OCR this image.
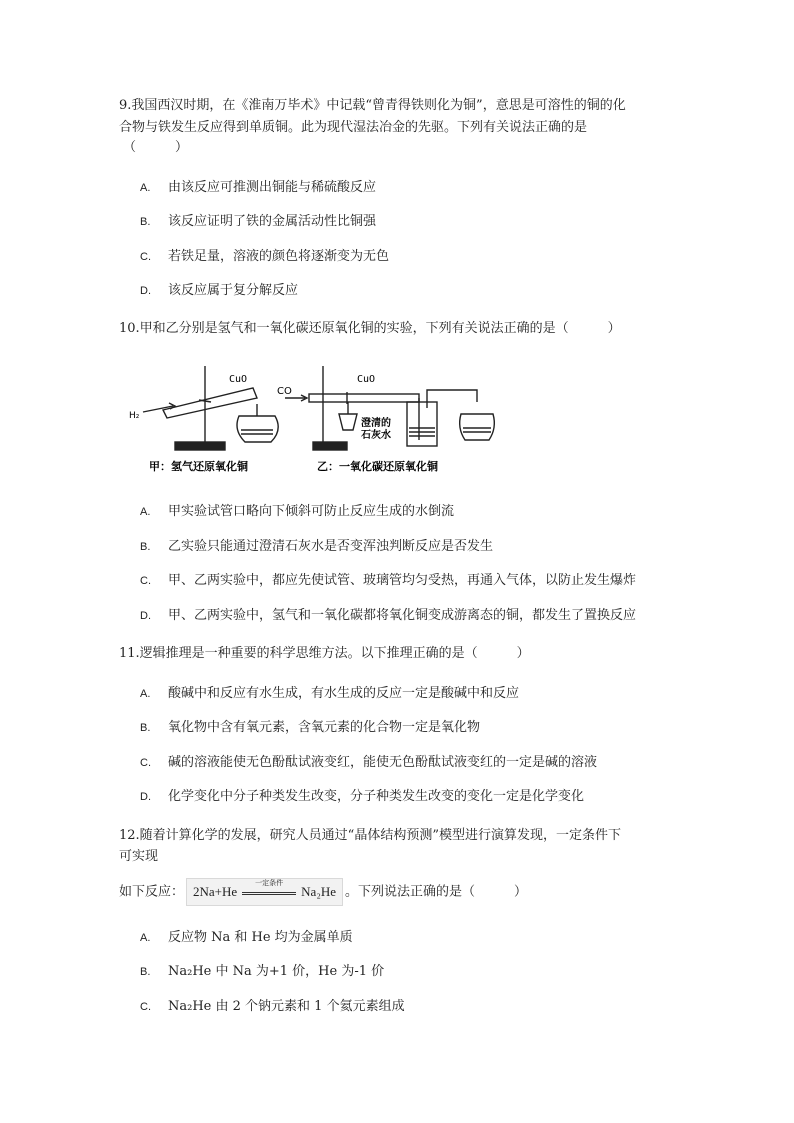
9.我国西汉时期，在《淮南万毕术》中记载“曾青得铁则化为铜”，意思是可溶性的铜的化
合物与铁发生反应得到单质铜。此为现代湿法冶金的先驱。下列有关说法正确的是
（　　　）
A. 由该反应可推测出铜能与稀硫酸反应
B. 该反应证明了铁的金属活动性比铜强
C. 若铁足量，溶液的颜色将逐渐变为无色
D. 该反应属于复分解反应
10.甲和乙分别是氢气和一氧化碳还原氧化铜的实验，下列有关说法正确的是（　　　）
CuO	CuO
H₂
CO
澄清的
石灰水
甲：氢气还原氧化铜	乙：一氧化碳还原氧化铜
A. 甲实验试管口略向下倾斜可防止反应生成的水倒流
B. 乙实验只能通过澄清石灰水是否变浑浊判断反应是否发生
C. 甲、乙两实验中，都应先使试管、玻璃管均匀受热，再通入气体，以防止发生爆炸
D. 甲、乙两实验中，氢气和一氧化碳都将氧化铜变成游离态的铜，都发生了置换反应
11.逻辑推理是一种重要的科学思维方法。以下推理正确的是（　　　）
A. 酸碱中和反应有水生成，有水生成的反应一定是酸碱中和反应
B. 氧化物中含有氧元素，含氧元素的化合物一定是氧化物
C. 碱的溶液能使无色酚酞试液变红，能使无色酚酞试液变红的一定是碱的溶液
D. 化学变化中分子种类发生改变，分子种类发生改变的变化一定是化学变化
12.随着计算化学的发展，研究人员通过“晶体结构预测”模型进行演算发现，一定条件下
可实现
如下反应： 2Na+He
一定条件
Na₂He 。下列说法正确的是（　　　）
A. 反应物 Na 和 He 均为金属单质
B. Na₂He 中 Na 为+1 价，He 为-1 价
C. Na₂He 由 2 个钠元素和 1 个氦元素组成
